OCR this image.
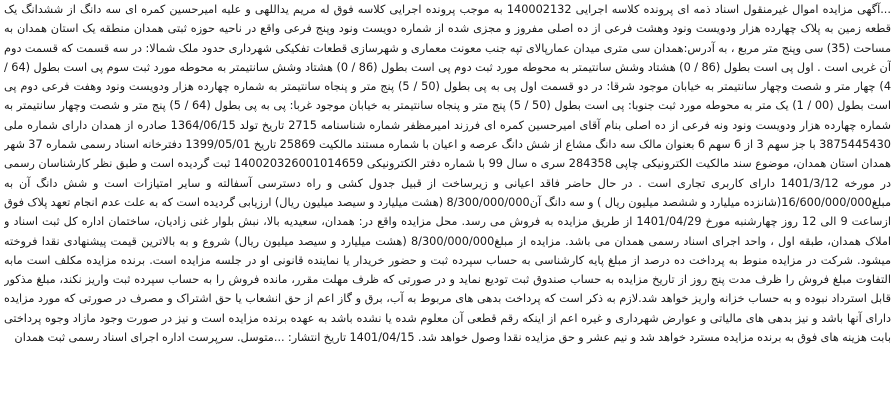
...آگهی مزایده اموال غیرمنقول اسناد ذمه ای پرونده کلاسه اجرایی 140002132 به موجب پرونده اجرایی کلاسه فوق له مریم یداللهی و علیه امیرحسین کمره ای سه دانگ از ششدانگ یک قطعه زمین به پلاک چهارده هزار ودویست ونود وهشت فرعی از ده اصلی مفروز و مجزی شده از شماره دویست ونود وپنج فرعی واقع در ناحیه حوزه ثبتی همدان منطقه یک استان همدان به مساحت (35) سی وپنج متر مربع ، به آدرس:همدان سی متری میدان عمارپالای تپه جنب معونت معماری و شهرسازی قطعات تفکیکی شهرداری حدود ملک شمالا: در سه قسمت که قسمت دوم آن غربی است . اول پی است بطول (86 / 0) هشتاد وشش سانتیمتر به محوطه مورد ثبت دوم پی است بطول (86 / 0) هشتاد وشش سانتیمتر به محوطه مورد ثبت سوم پی است بطول (64 / 4) چهار متر و شصت وچهار سانتیمتر به خیابان موجود شرقا: در دو قسمت اول پی به پی بطول (50 / 5) پنج متر و پنجاه سانتیمتر به شماره چهارده هزار ودویست ونود وهفت فرعی دوم پی است بطول (00 / 1) یک متر به محوطه مورد ثبت جنوبا: پی است بطول (50 / 5) پنج متر و پنجاه سانتیمتر به خیابان موجود غربا: پی به پی بطول (64 / 5) پنج متر و شصت وچهار سانتیمتر به شماره چهارده هزار ودویست ونود ونه فرعی از ده اصلی بنام آقای امیرحسین کمره ای فرزند امیرمظفر شماره شناسنامه 2715 تاریخ تولد 1364/06/15 صادره از همدان دارای شماره ملی 3875445430 با جز سهم 3 از 6 سهم 6 بعنوان مالک سه دانگ مشاع از شش دانگ عرصه و اعیان با شماره مستند مالکیت 25869 تاریخ 1399/05/01 دفترخانه اسناد رسمی شماره 37 شهر همدان استان همدان، موضوع سند مالکیت الکترونیکی چاپی 284358 سری ه سال 99 با شماره دفتر الکترونیکی 140020326001014659 ثبت گردیده است و طبق نظر کارشناسان رسمی در مورخه 1401/3/12 دارای کاربری تجاری است . در حال حاضر فاقد اعیانی و زیرساخت از قبیل جدول کشی و راه دسترسی آسفالته و سایر امتیازات است و شش دانگ آن به مبلغ16/600/000/000(شانزده میلیارد و ششصد میلیون ریال ) و سه دانگ آن8/300/000/000 (هشت میلیارد و سیصد میلیون ریال) ارزیابی گردیده است که به علت عدم انجام تعهد پلاک فوق ازساعت 9 الی 12 روز چهارشنبه مورخ 1401/04/29 از طریق مزایده به فروش می رسد. محل مزایده واقع در: همدان، سعیدیه بالا، نبش بلوار غنی زادیان، ساختمان اداره کل ثبت اسناد و املاک همدان، طبقه اول ، واحد اجرای اسناد رسمی همدان می باشد. مزایده از مبلغ8/300/000/000 (هشت میلیارد و سیصد میلیون ریال) شروع و به بالاترین قیمت پیشنهادی نقدا فروخته میشود. شرکت در مزایده منوط به پرداخت ده درصد از مبلغ پایه کارشناسی به حساب سپرده ثبت و حضور خریدار یا نماینده قانونی او در جلسه مزایده است. برنده مزایده مکلف است مابه التفاوت مبلغ فروش را ظرف مدت پنج روز از تاریخ مزایده به حساب صندوق ثبت تودیع نماید و در صورتی که ظرف مهلت مقرر، مانده فروش را به حساب سپرده ثبت واریز نکند، مبلغ مذکور قابل استرداد نبوده و به حساب خزانه واریز خواهد شد.لازم به ذکر است که پرداخت بدهی های مربوط به آب، برق و گاز اعم از حق انشعاب یا حق اشتراک و مصرف در صورتی که مورد مزایده دارای آنها باشد و نیز بدهی های مالیاتی و عوارض شهرداری و غیره اعم از اینکه رقم قطعی آن معلوم شده یا نشده باشد به عهده برنده مزایده است و نیز در صورت وجود مازاد وجوه پرداختی بابت هزینه های فوق به برنده مزایده مسترد خواهد شد و نیم عشر و حق مزایده نقدا وصول خواهد شد. 1401/04/15 تاریخ انتشار: ...متوسل. سرپرست اداره اجرای اسناد رسمی ثبت همدان
